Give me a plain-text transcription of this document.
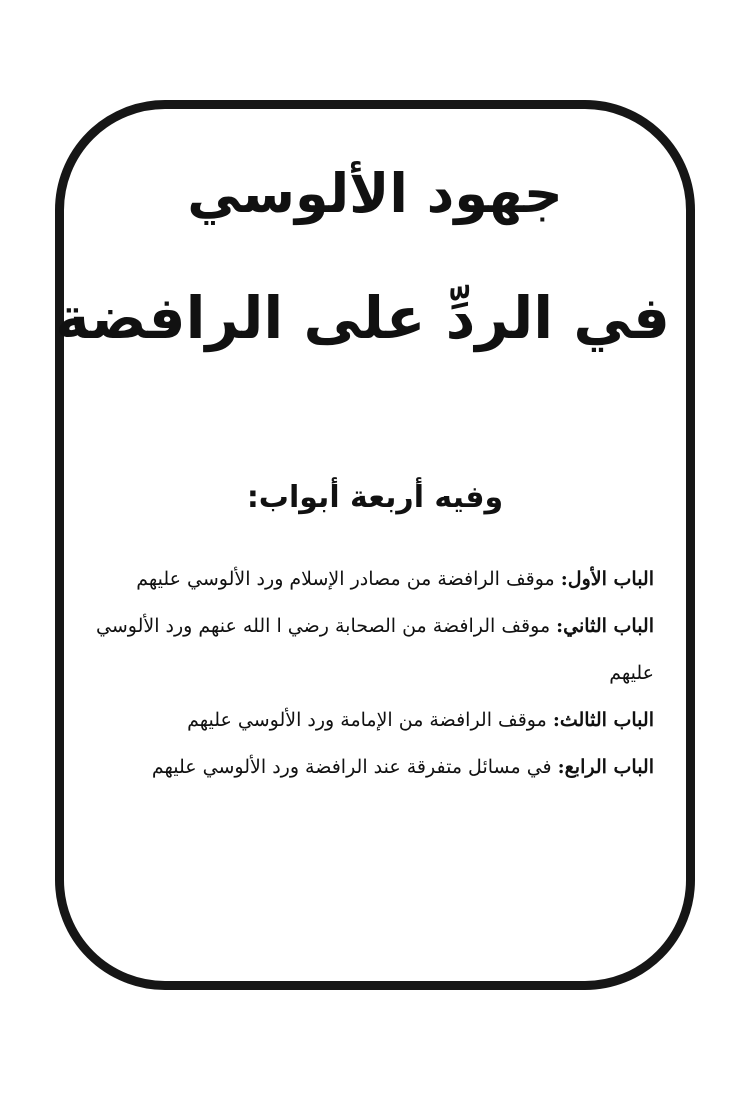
جهود الألوسي
في الردِّ على الرافضة
وفيه أربعة أبواب:

الباب الأول: موقف الرافضة من مصادر الإسلام ورد الألوسي عليهم

الباب الثاني: موقف الرافضة من الصحابة رضي ا الله عنهم ورد الألوسي عليهم

الباب الثالث: موقف الرافضة من الإمامة ورد الألوسي عليهم

الباب الرابع: في مسائل متفرقة عند الرافضة ورد الألوسي عليهم
